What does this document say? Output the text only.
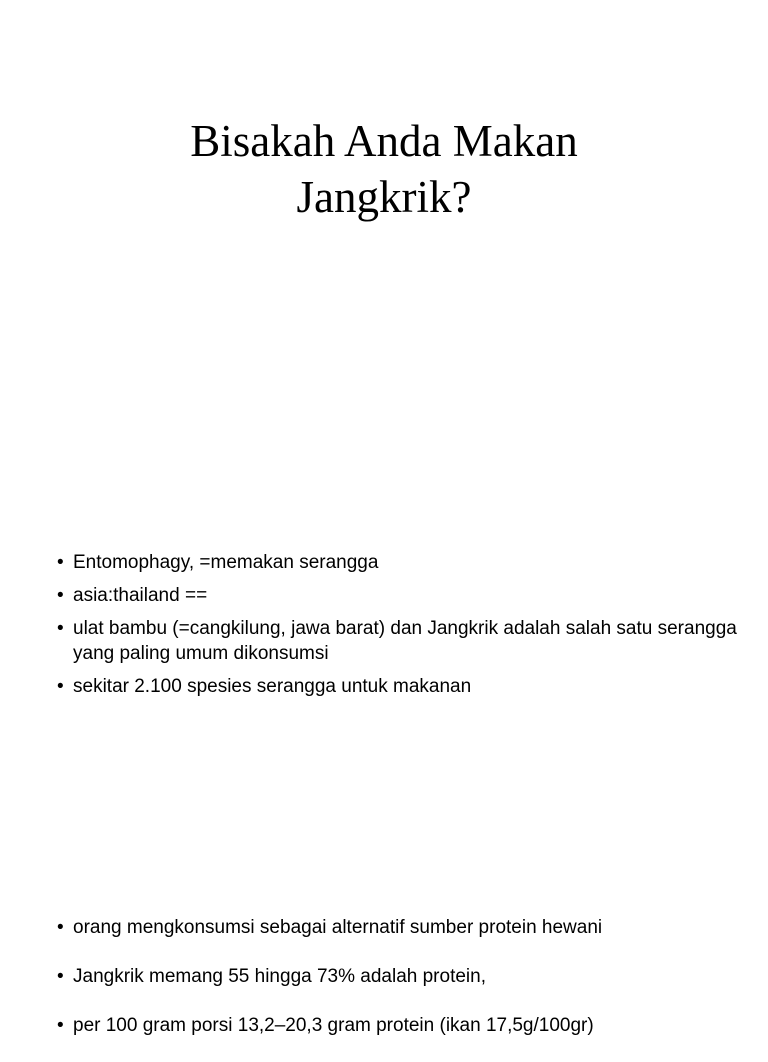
Bisakah Anda Makan
Jangkrik?
• Entomophagy, =memakan serangga
• asia:thailand ==
• ulat bambu (=cangkilung, jawa barat) dan Jangkrik adalah salah satu serangga yang paling umum dikonsumsi
• sekitar 2.100 spesies serangga untuk makanan
• orang mengkonsumsi sebagai alternatif sumber protein hewani
• Jangkrik memang 55 hingga 73% adalah protein,
• per 100 gram porsi 13,2–20,3 gram protein (ikan 17,5g/100gr)
